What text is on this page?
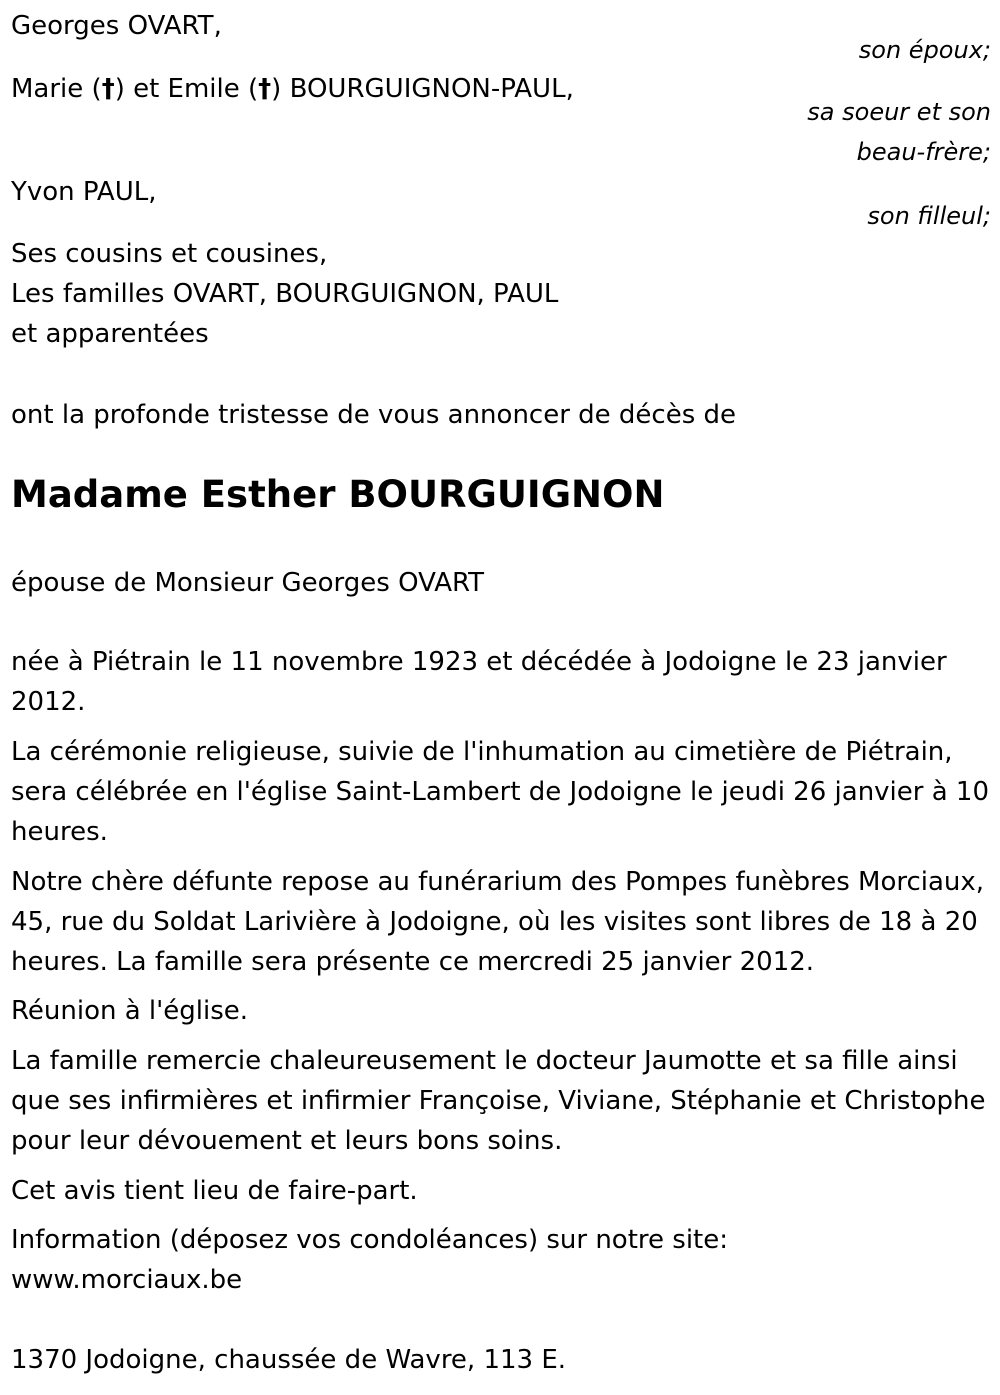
Georges OVART,
son époux;
Marie (†) et Emile (†) BOURGUIGNON-PAUL,
sa soeur et son
beau-frère;
Yvon PAUL,
son filleul;
Ses cousins et cousines,
Les familles OVART, BOURGUIGNON, PAUL
et apparentées
ont la profonde tristesse de vous annoncer de décès de
Madame Esther BOURGUIGNON
épouse de Monsieur Georges OVART
née à Piétrain le 11 novembre 1923 et décédée à Jodoigne le 23 janvier 2012.
La cérémonie religieuse, suivie de l'inhumation au cimetière de Piétrain, sera célébrée en l'église Saint-Lambert de Jodoigne le jeudi 26 janvier à 10 heures.
Notre chère défunte repose au funérarium des Pompes funèbres Morciaux, 45, rue du Soldat Larivière à Jodoigne, où les visites sont libres de 18 à 20 heures. La famille sera présente ce mercredi 25 janvier 2012.
Réunion à l'église.
La famille remercie chaleureusement le docteur Jaumotte et sa fille ainsi que ses infirmières et infirmier Françoise, Viviane, Stéphanie et Christophe pour leur dévouement et leurs bons soins.
Cet avis tient lieu de faire-part.
Information (déposez vos condoléances) sur notre site:
www.morciaux.be
1370 Jodoigne, chaussée de Wavre, 113 E.
